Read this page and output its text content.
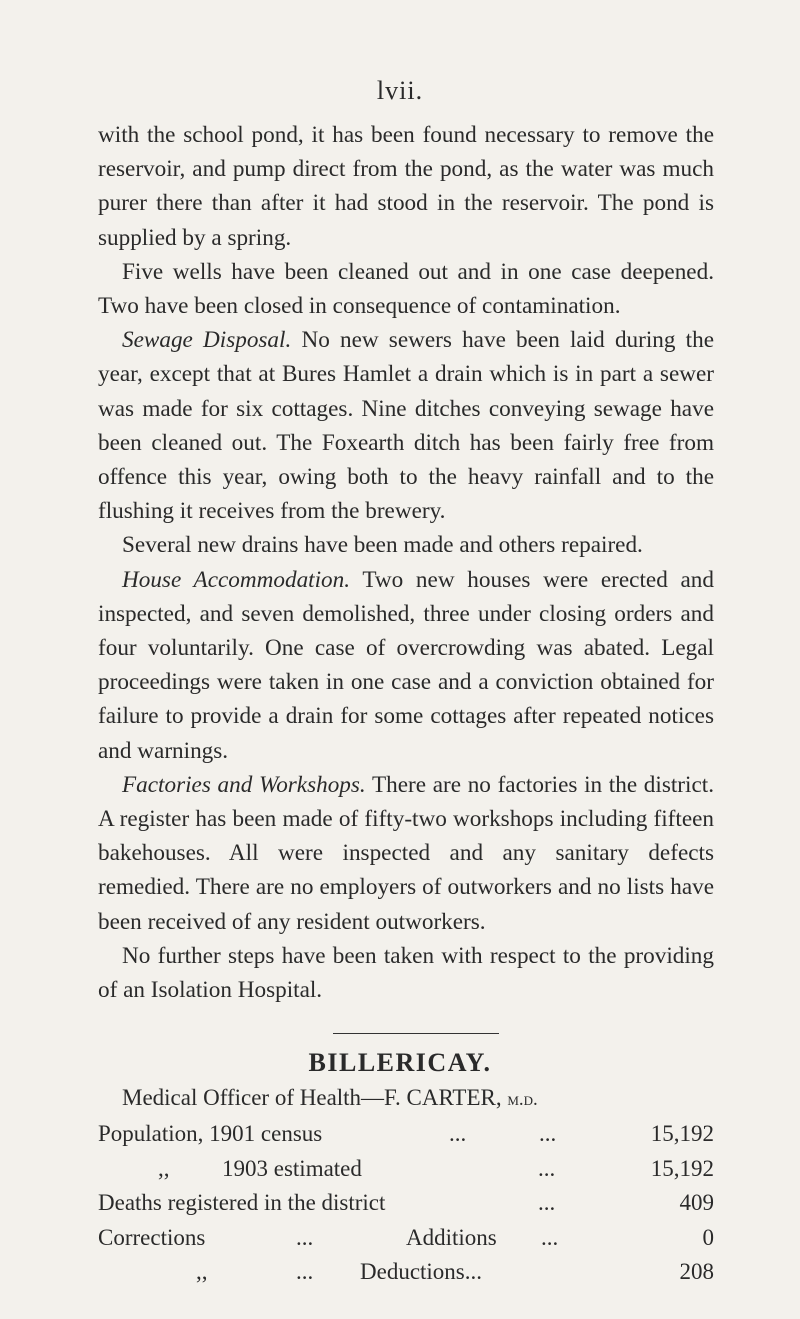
lvii.

with the school pond, it has been found necessary to remove the reservoir, and pump direct from the pond, as the water was much purer there than after it had stood in the reservoir. The pond is supplied by a spring.

Five wells have been cleaned out and in one case deepened. Two have been closed in consequence of contamination.

Sewage Disposal. No new sewers have been laid during the year, except that at Bures Hamlet a drain which is in part a sewer was made for six cottages. Nine ditches conveying sewage have been cleaned out. The Foxearth ditch has been fairly free from offence this year, owing both to the heavy rainfall and to the flushing it receives from the brewery.

Several new drains have been made and others repaired.

House Accommodation. Two new houses were erected and inspected, and seven demolished, three under closing orders and four voluntarily. One case of overcrowding was abated. Legal proceedings were taken in one case and a conviction obtained for failure to provide a drain for some cottages after repeated notices and warnings.

Factories and Workshops. There are no factories in the district. A register has been made of fifty-two workshops including fifteen bakehouses. All were inspected and any sanitary defects remedied. There are no employers of outworkers and no lists have been received of any resident outworkers.

No further steps have been taken with respect to the providing of an Isolation Hospital.

BILLERICAY.
Medical Officer of Health—F. CARTER, m.d.
Population, 1901 census	...	...	15,192
,, 1903 estimated	...	15,192
Deaths registered in the district	...	409
Corrections	...	Additions ...	0
,,	... Deductions...	208
